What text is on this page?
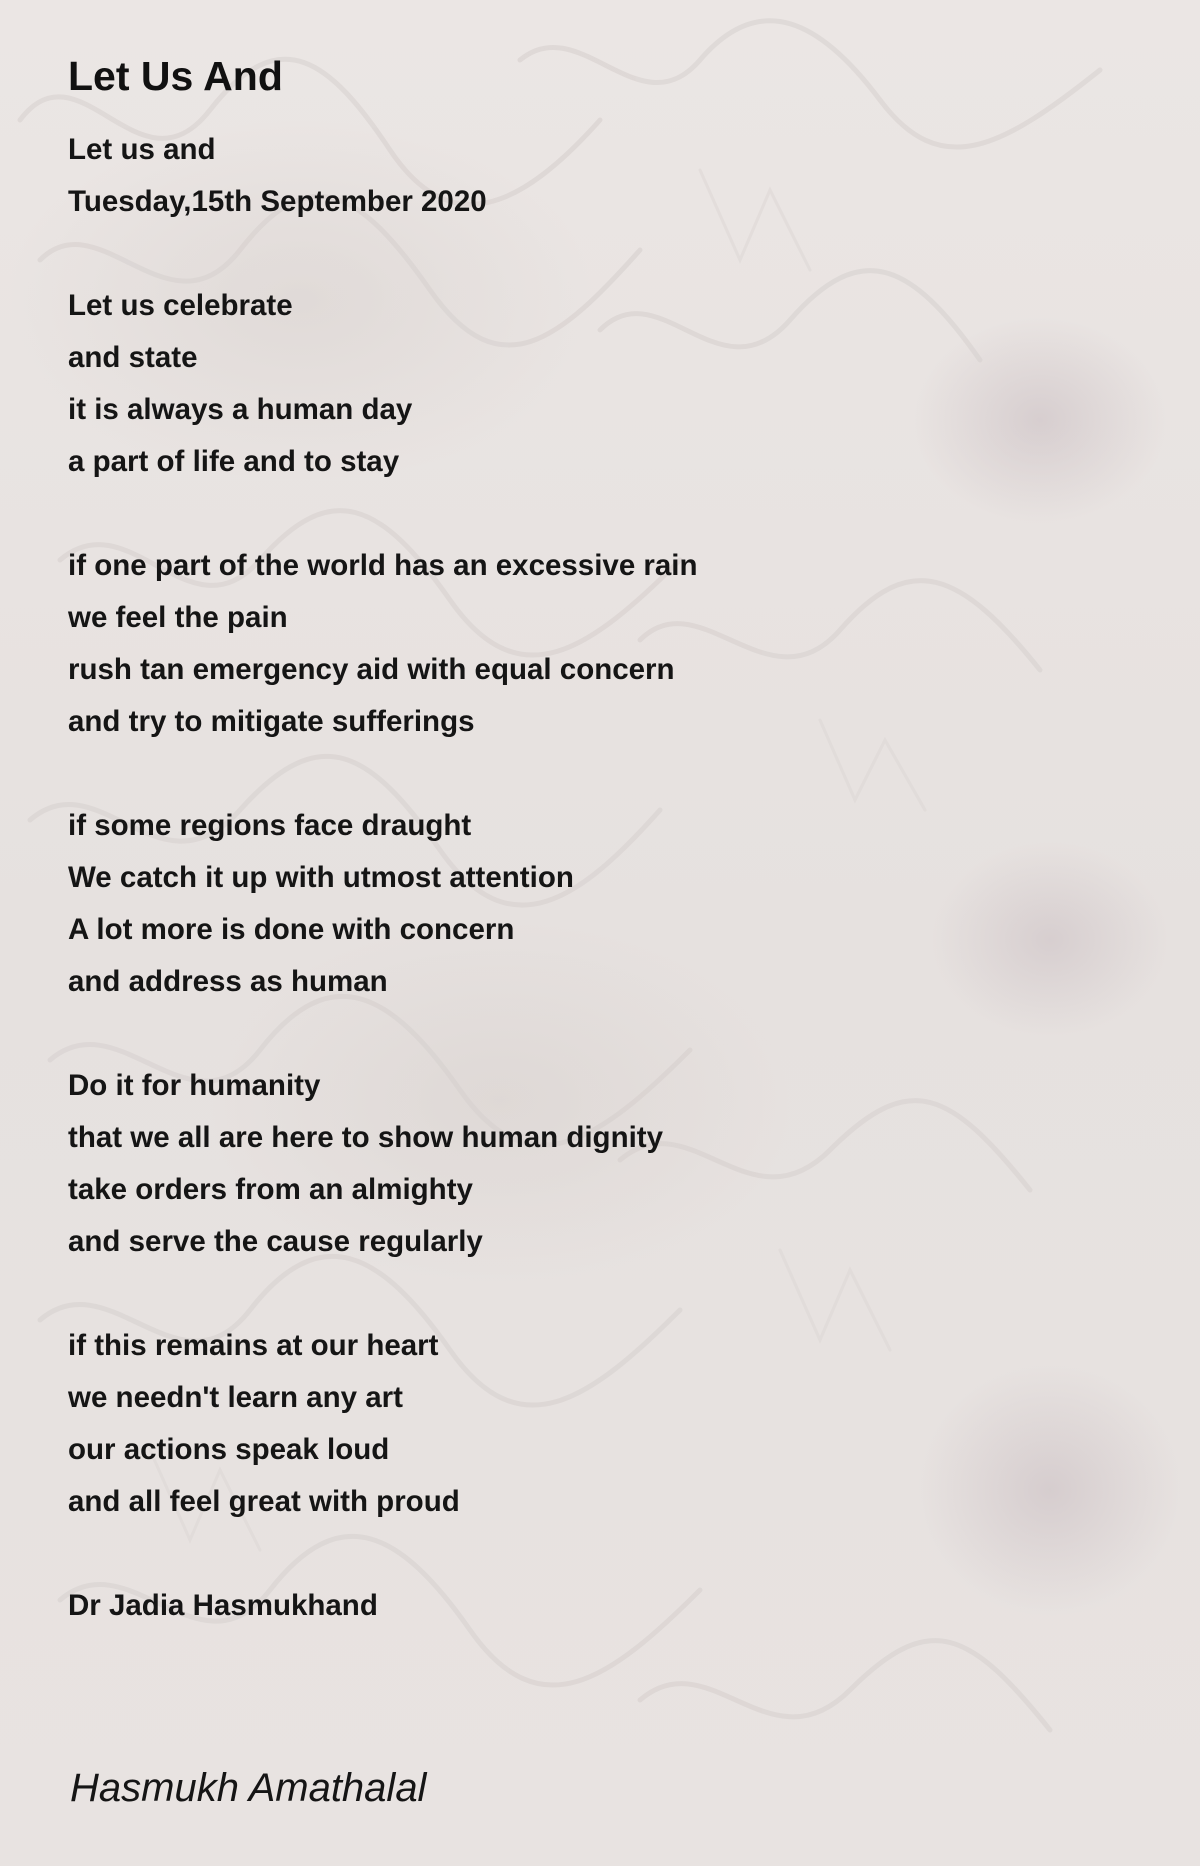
Let Us And
Let us and
Tuesday,15th September 2020

Let us celebrate
and state
it is always a human day
a part of life and to stay

if one part of the world has an excessive rain
we feel the pain
rush tan emergency aid with equal concern
and try to mitigate sufferings

if some regions face draught
We catch it up with utmost attention
A lot more is done with concern
and address as human

Do it for humanity
that we all are here to show human dignity
take orders from an almighty
and serve the cause regularly

if this remains at our heart
we needn't learn any art
our actions speak loud
and all feel great with proud

Dr Jadia Hasmukhand
Hasmukh Amathalal
